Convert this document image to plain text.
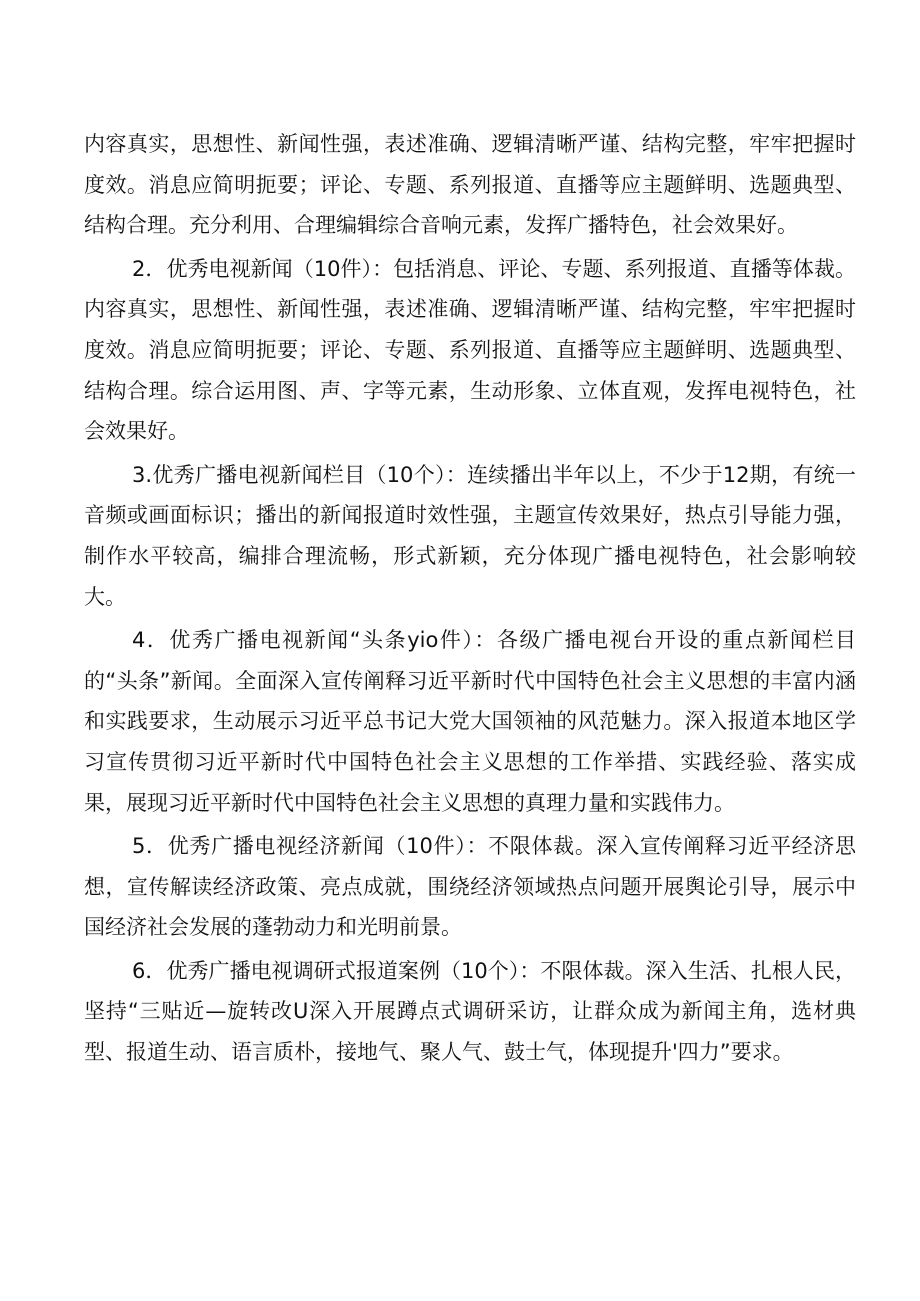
内容真实，思想性、新闻性强，表述准确、逻辑清晰严谨、结构完整，牢牢把握时度效。消息应简明扼要；评论、专题、系列报道、直播等应主题鲜明、选题典型、结构合理。充分利用、合理编辑综合音响元素，发挥广播特色，社会效果好。

2．优秀电视新闻（10件）：包括消息、评论、专题、系列报道、直播等体裁。内容真实，思想性、新闻性强，表述准确、逻辑清晰严谨、结构完整，牢牢把握时度效。消息应简明扼要；评论、专题、系列报道、直播等应主题鲜明、选题典型、结构合理。综合运用图、声、字等元素，生动形象、立体直观，发挥电视特色，社会效果好。

3.优秀广播电视新闻栏目（10个）：连续播出半年以上，不少于12期，有统一音频或画面标识；播出的新闻报道时效性强，主题宣传效果好，热点引导能力强，制作水平较高，编排合理流畅，形式新颖，充分体现广播电视特色，社会影响较大。

4．优秀广播电视新闻“头条yio件）：各级广播电视台开设的重点新闻栏目的“头条”新闻。全面深入宣传阐释习近平新时代中国特色社会主义思想的丰富内涵和实践要求，生动展示习近平总书记大党大国领袖的风范魅力。深入报道本地区学习宣传贯彻习近平新时代中国特色社会主义思想的工作举措、实践经验、落实成果，展现习近平新时代中国特色社会主义思想的真理力量和实践伟力。

5．优秀广播电视经济新闻（10件）：不限体裁。深入宣传阐释习近平经济思想，宣传解读经济政策、亮点成就，围绕经济领域热点问题开展舆论引导，展示中国经济社会发展的蓬勃动力和光明前景。

6．优秀广播电视调研式报道案例（10个）：不限体裁。深入生活、扎根人民，坚持“三贴近—旋转改U深入开展蹲点式调研采访，让群众成为新闻主角，选材典型、报道生动、语言质朴，接地气、聚人气、鼓士气，体现提升'四力”要求。
